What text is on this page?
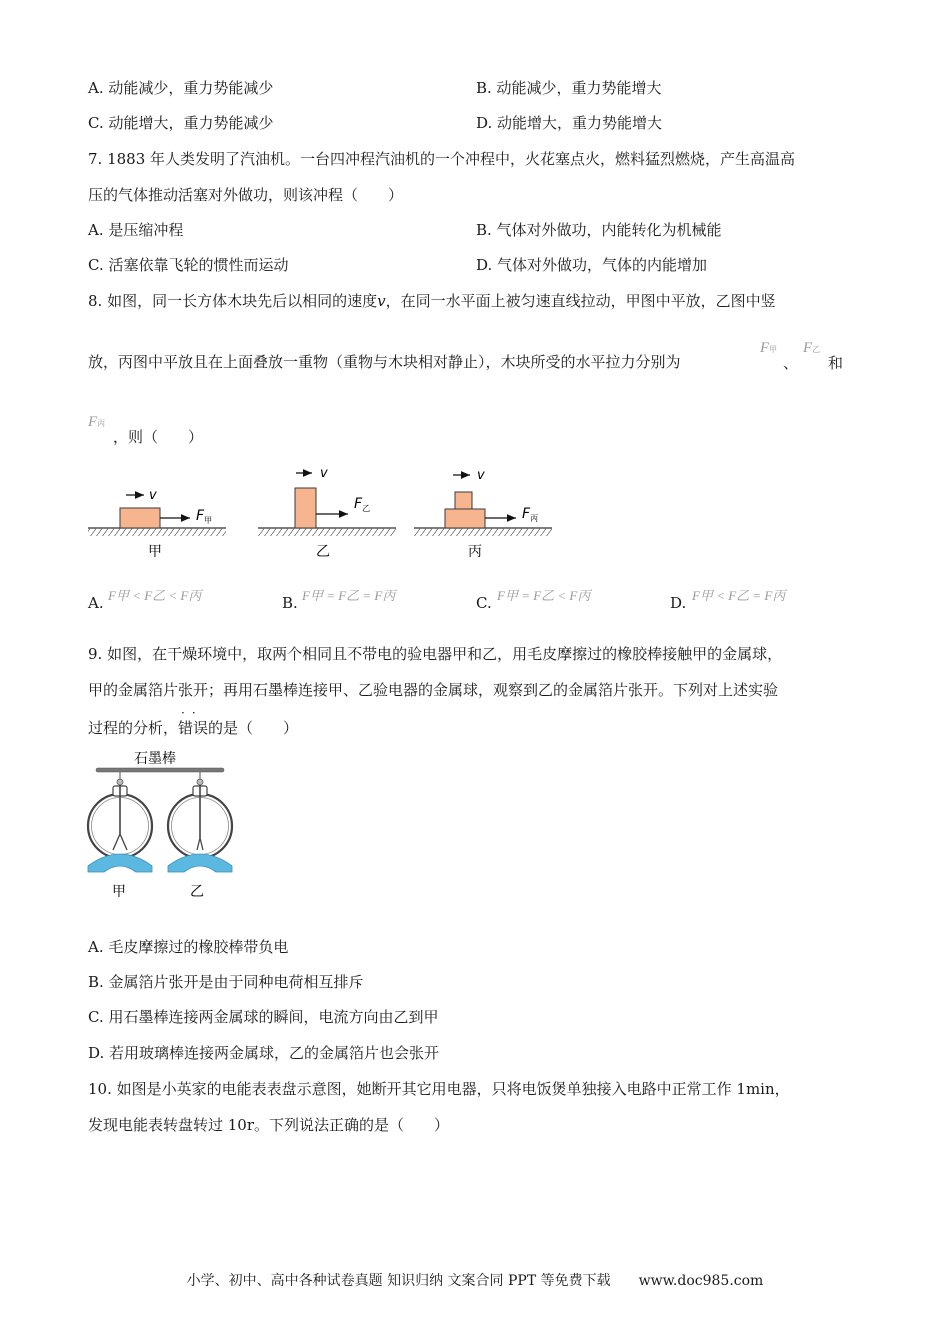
A. 动能减少，重力势能减少	B. 动能减少，重力势能增大
C. 动能增大，重力势能减少	D. 动能增大，重力势能增大
7. 1883 年人类发明了汽油机。一台四冲程汽油机的一个冲程中，火花塞点火，燃料猛烈燃烧，产生高温高
压的气体推动活塞对外做功，则该冲程（　　）
A. 是压缩冲程	B. 气体对外做功，内能转化为机械能
C. 活塞依靠飞轮的惯性而运动	D. 气体对外做功，气体的内能增加
8. 如图，同一长方体木块先后以相同的速度v，在同一水平面上被匀速直线拉动，甲图中平放，乙图中竖
放，丙图中平放且在上面叠放一重物（重物与木块相对静止），木块所受的水平拉力分别为
F甲
、
F乙
和
F丙
，则（　　）
v
$F_甲$
甲
v
$F_乙$
乙
v
$F_丙$
丙
A. F甲 < F乙 < F丙	B. F甲 = F乙 = F丙	C. F甲 = F乙 < F丙	D. F甲 < F乙 = F丙
9. 如图，在干燥环境中，取两个相同且不带电的验电器甲和乙，用毛皮摩擦过的橡胶棒接触甲的金属球，
甲的金属箔片张开；再用石墨棒连接甲、乙验电器的金属球，观察到乙的金属箔片张开。下列对上述实验
过程的分析，
··
错误的是（　　）
石墨棒
甲	乙
A. 毛皮摩擦过的橡胶棒带负电
B. 金属箔片张开是由于同种电荷相互排斥
C. 用石墨棒连接两金属球的瞬间，电流方向由乙到甲
D. 若用玻璃棒连接两金属球，乙的金属箔片也会张开
10. 如图是小英家的电能表表盘示意图，她断开其它用电器，只将电饭煲单独接入电路中正常工作 1min，
发现电能表转盘转过 10r。下列说法正确的是（　　）
小学、初中、高中各种试卷真题 知识归纳 文案合同 PPT 等免费下载　　www.doc985.com
